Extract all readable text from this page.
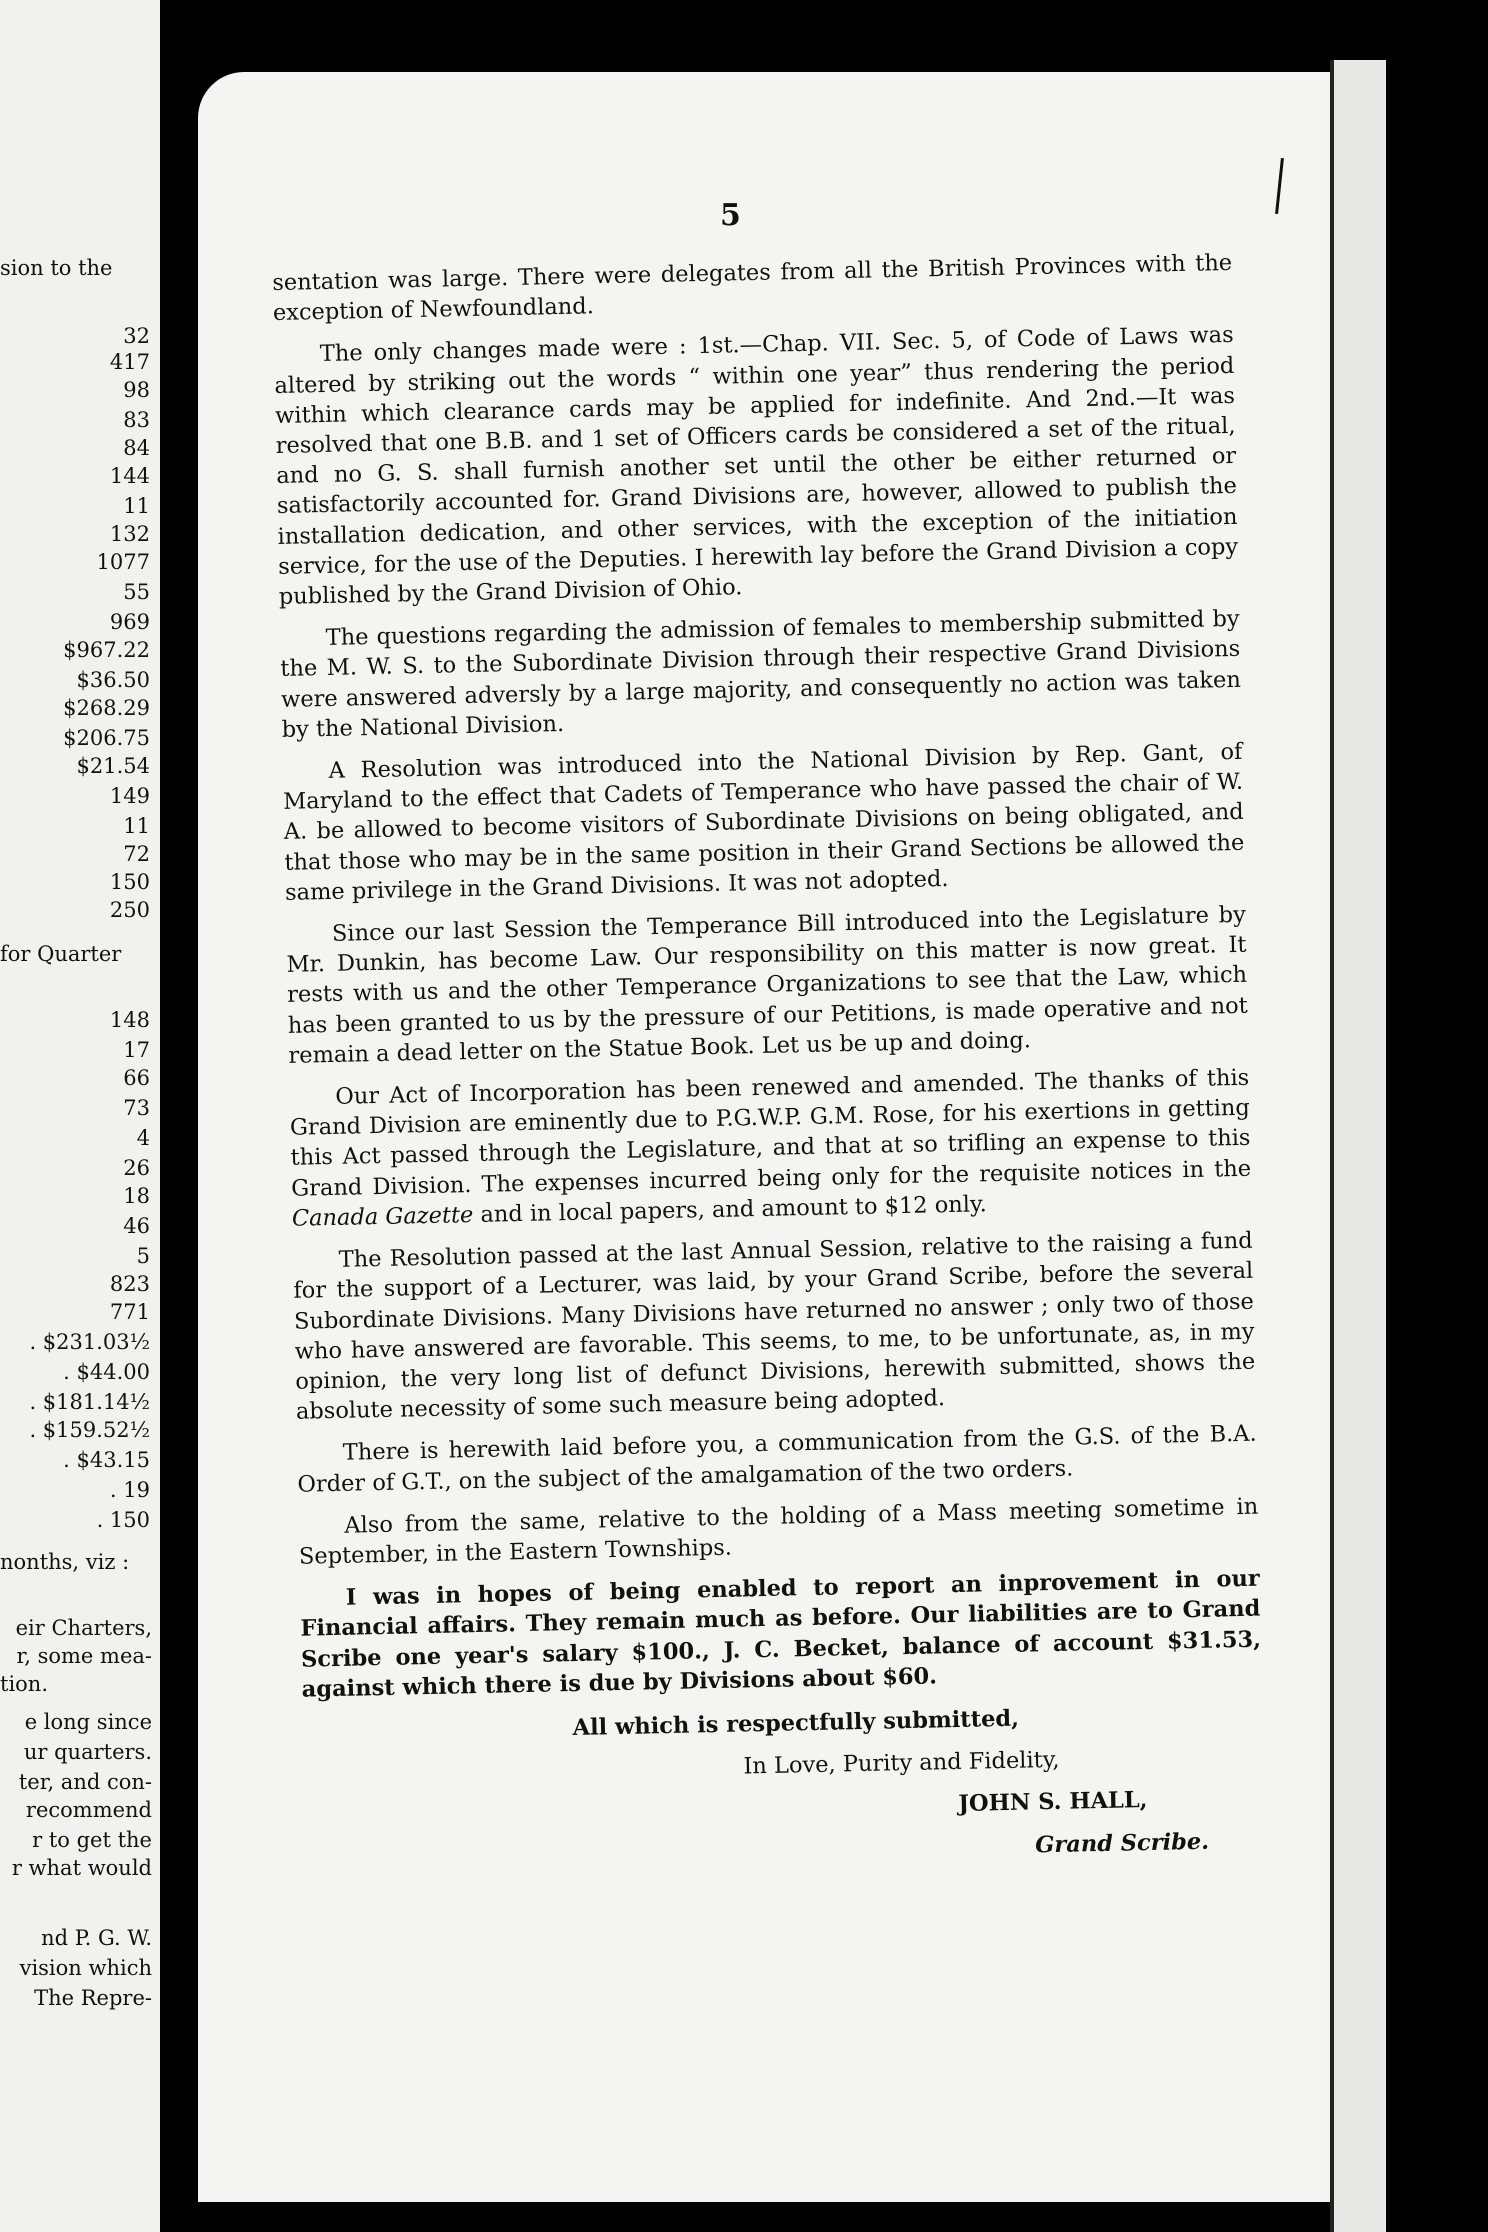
sion to the
32
417
98
83
84
144
11
132
1077
55
969
$967.22
$36.50
$268.29
$206.75
$21.54
149
11
72
150
250
for Quarter
148
17
66
73
4
26
18
46
5
823
771
. $231.03½
. $44.00
. $181.14½
. $159.52½
. $43.15
. 19
. 150
nonths, viz :
eir Charters,
r, some mea-
tion.
e long since
ur quarters.
ter, and con-
recommend
r to get the
r what would
nd P. G. W.
vision which
The Repre-
5

sentation was large. There were delegates from all the British Provinces with the exception of Newfoundland.

The only changes made were : 1st.—Chap. VII. Sec. 5, of Code of Laws was altered by striking out the words “ within one year” thus rendering the period within which clearance cards may be applied for indefinite. And 2nd.—It was resolved that one B.B. and 1 set of Officers cards be considered a set of the ritual, and no G. S. shall furnish another set until the other be either returned or satisfactorily accounted for. Grand Divisions are, however, allowed to publish the installation dedication, and other services, with the exception of the initiation service, for the use of the Deputies. I herewith lay before the Grand Division a copy published by the Grand Division of Ohio.

The questions regarding the admission of females to membership submitted by the M. W. S. to the Subordinate Division through their respective Grand Divisions were answered adversly by a large majority, and consequently no action was taken by the National Division.

A Resolution was introduced into the National Division by Rep. Gant, of Maryland to the effect that Cadets of Temperance who have passed the chair of W. A. be allowed to become visitors of Subordinate Divisions on being obligated, and that those who may be in the same position in their Grand Sections be allowed the same privilege in the Grand Divisions. It was not adopted.

Since our last Session the Temperance Bill introduced into the Legislature by Mr. Dunkin, has become Law. Our responsibility on this matter is now great. It rests with us and the other Temperance Organizations to see that the Law, which has been granted to us by the pressure of our Petitions, is made operative and not remain a dead letter on the Statue Book. Let us be up and doing.

Our Act of Incorporation has been renewed and amended. The thanks of this Grand Division are eminently due to P.G.W.P. G.M. Rose, for his exertions in getting this Act passed through the Legislature, and that at so trifling an expense to this Grand Division. The expenses incurred being only for the requisite notices in the Canada Gazette and in local papers, and amount to $12 only.

The Resolution passed at the last Annual Session, relative to the raising a fund for the support of a Lecturer, was laid, by your Grand Scribe, before the several Subordinate Divisions. Many Divisions have returned no answer ; only two of those who have answered are favorable. This seems, to me, to be unfortunate, as, in my opinion, the very long list of defunct Divisions, herewith submitted, shows the absolute necessity of some such measure being adopted.

There is herewith laid before you, a communication from the G.S. of the B.A. Order of G.T., on the subject of the amalgamation of the two orders.

Also from the same, relative to the holding of a Mass meeting sometime in September, in the Eastern Townships.

I was in hopes of being enabled to report an inprovement in our Financial affairs. They remain much as before. Our liabilities are to Grand Scribe one year's salary $100., J. C. Becket, balance of account $31.53, against which there is due by Divisions about $60.

All which is respectfully submitted,

In Love, Purity and Fidelity,

JOHN S. HALL,

Grand Scribe.
